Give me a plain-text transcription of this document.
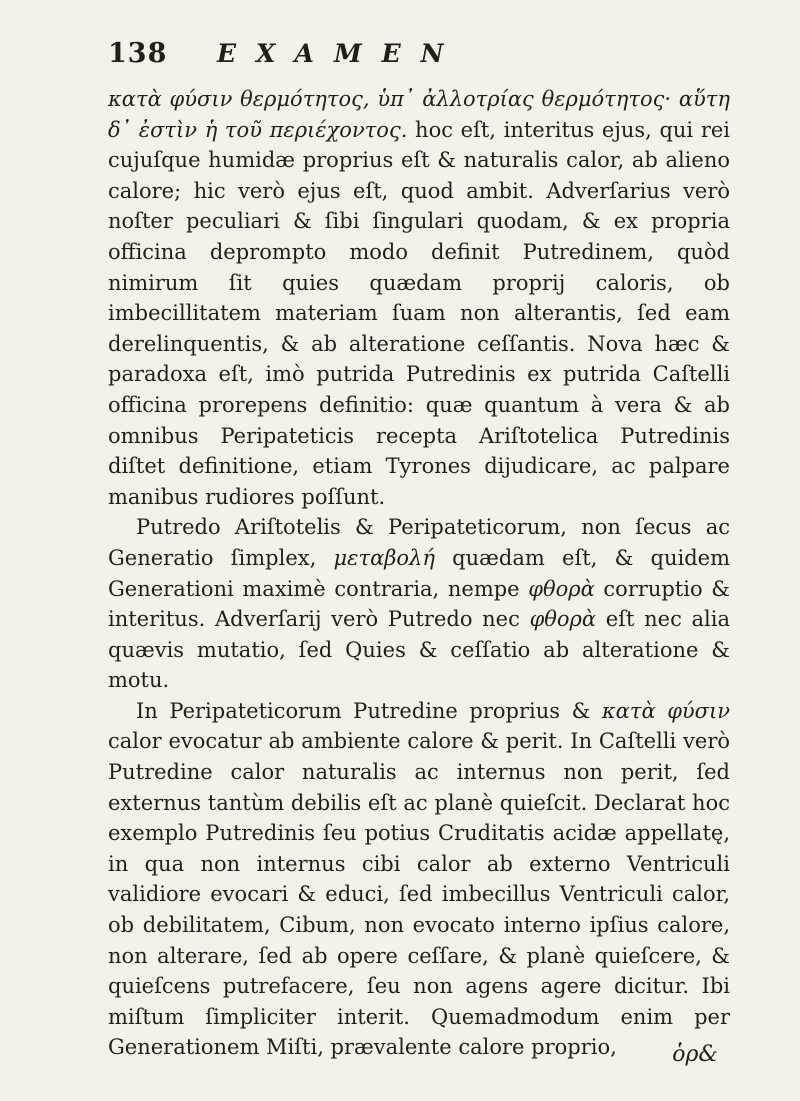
138	EXAMEN

κατὰ φύσιν θερμότητος, ὑπ᾽ ἀλλοτρίας θερμότητος· αὕτη δ᾽ ἐστὶν ἡ τοῦ περιέχοντος. hoc eſt, interitus ejus, qui rei cujuſque humidæ proprius eſt & naturalis calor, ab alieno calore; hic verò ejus eſt, quod ambit. Adverſarius verò noſter peculiari & ſibi ſingulari quodam, & ex propria officina deprompto modo definit Putredinem, quòd nimirum ſit quies quædam proprij caloris, ob imbecillitatem materiam ſuam non alterantis, ſed eam derelinquentis, & ab alteratione ceſſantis. Nova hæc & paradoxa eſt, imò putrida Putredinis ex putrida Caſtelli officina prorepens definitio: quæ quantum à vera & ab omnibus Peripateticis recepta Ariſtotelica Putredinis diſtet definitione, etiam Tyrones dijudicare, ac palpare manibus rudiores poſſunt.

Putredo Ariſtotelis & Peripateticorum, non ſecus ac Generatio ſimplex, μεταβολή quædam eſt, & quidem Generationi maximè contraria, nempe φθορὰ corruptio & interitus. Adverſarij verò Putredo nec φθορὰ eſt nec alia quævis mutatio, ſed Quies & ceſſatio ab alteratione & motu.

In Peripateticorum Putredine proprius & κατὰ φύσιν calor evocatur ab ambiente calore & perit. In Caſtelli verò Putredine calor naturalis ac internus non perit, ſed externus tantùm debilis eſt ac planè quieſcit. Declarat hoc exemplo Putredinis ſeu potius Cruditatis acidæ appellatę, in qua non internus cibi calor ab externo Ventriculi validiore evocari & educi, ſed imbecillus Ventriculi calor, ob debilitatem, Cibum, non evocato interno ipſius calore, non alterare, ſed ab opere ceſſare, & planè quieſcere, & quieſcens putrefacere, ſeu non agens agere dicitur. Ibi miſtum ſimpliciter interit. Quemadmodum enim per Generationem Miſti, prævalente calore proprio,	ὁρ&
